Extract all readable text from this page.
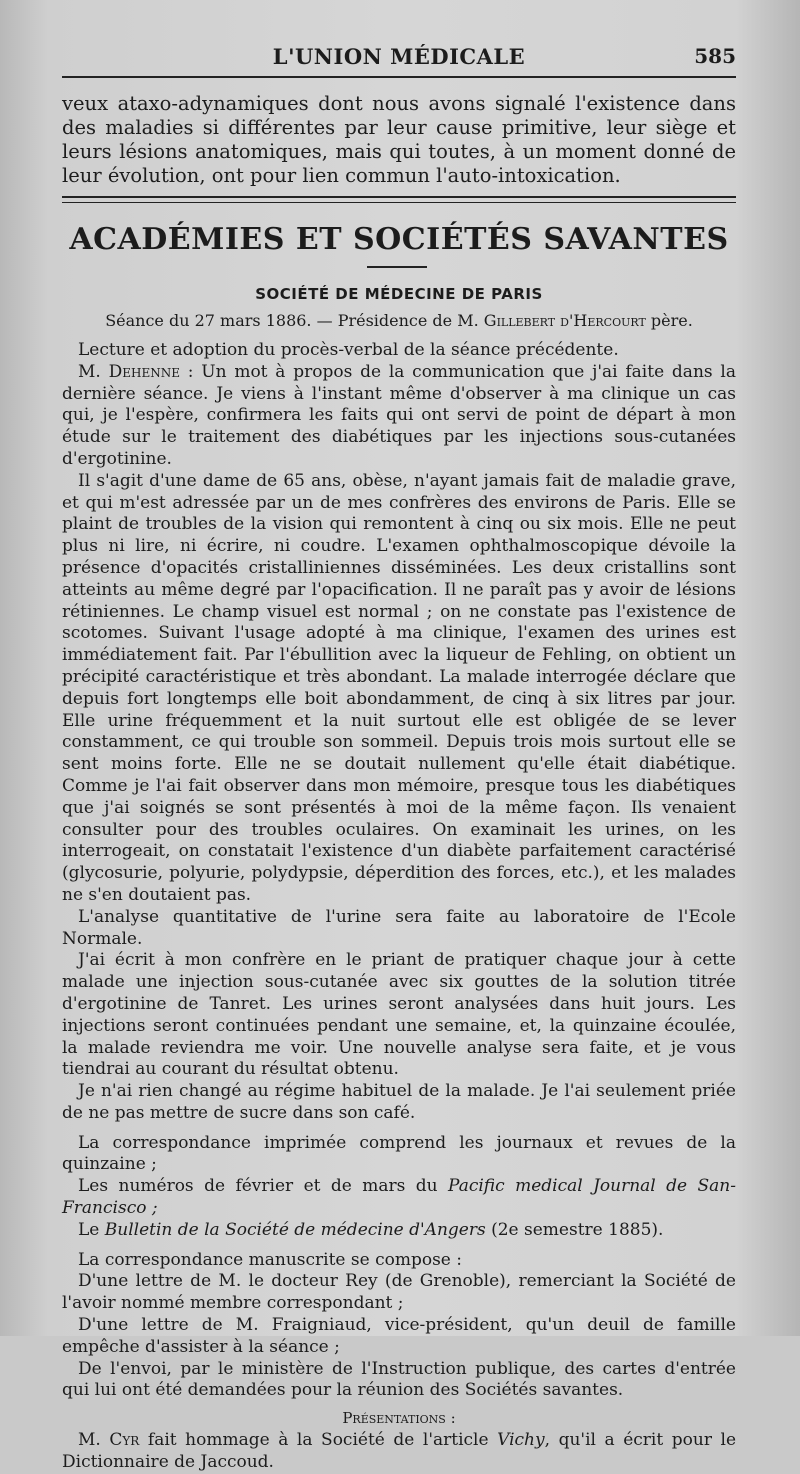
L'UNION MÉDICALE	585
veux ataxo-adynamiques dont nous avons signalé l'existence dans des maladies si différentes par leur cause primitive, leur siège et leurs lésions anatomiques, mais qui toutes, à un moment donné de leur évolution, ont pour lien commun l'auto-intoxication.
ACADÉMIES ET SOCIÉTÉS SAVANTES
SOCIÉTÉ DE MÉDECINE DE PARIS
Séance du 27 mars 1886. — Présidence de M. Gillebert d'Hercourt père.

Lecture et adoption du procès-verbal de la séance précédente.

M. Dehenne : Un mot à propos de la communication que j'ai faite dans la dernière séance. Je viens à l'instant même d'observer à ma clinique un cas qui, je l'espère, confirmera les faits qui ont servi de point de départ à mon étude sur le traitement des diabétiques par les injections sous-cutanées d'ergotinine.

Il s'agit d'une dame de 65 ans, obèse, n'ayant jamais fait de maladie grave, et qui m'est adressée par un de mes confrères des environs de Paris. Elle se plaint de troubles de la vision qui remontent à cinq ou six mois. Elle ne peut plus ni lire, ni écrire, ni coudre. L'examen ophthalmoscopique dévoile la présence d'opacités cristalliniennes disséminées. Les deux cristallins sont atteints au même degré par l'opacification. Il ne paraît pas y avoir de lésions rétiniennes. Le champ visuel est normal ; on ne constate pas l'existence de scotomes. Suivant l'usage adopté à ma clinique, l'examen des urines est immédiatement fait. Par l'ébullition avec la liqueur de Fehling, on obtient un précipité caractéristique et très abondant. La malade interrogée déclare que depuis fort longtemps elle boit abondamment, de cinq à six litres par jour. Elle urine fréquemment et la nuit surtout elle est obligée de se lever constamment, ce qui trouble son sommeil. Depuis trois mois surtout elle se sent moins forte. Elle ne se doutait nullement qu'elle était diabétique. Comme je l'ai fait observer dans mon mémoire, presque tous les diabétiques que j'ai soignés se sont présentés à moi de la même façon. Ils venaient consulter pour des troubles oculaires. On examinait les urines, on les interrogeait, on constatait l'existence d'un diabète parfaitement caractérisé (glycosurie, polyurie, polydypsie, déperdition des forces, etc.), et les malades ne s'en doutaient pas.

L'analyse quantitative de l'urine sera faite au laboratoire de l'Ecole Normale.

J'ai écrit à mon confrère en le priant de pratiquer chaque jour à cette malade une injection sous-cutanée avec six gouttes de la solution titrée d'ergotinine de Tanret. Les urines seront analysées dans huit jours. Les injections seront continuées pendant une semaine, et, la quinzaine écoulée, la malade reviendra me voir. Une nouvelle analyse sera faite, et je vous tiendrai au courant du résultat obtenu.

Je n'ai rien changé au régime habituel de la malade. Je l'ai seulement priée de ne pas mettre de sucre dans son café.

La correspondance imprimée comprend les journaux et revues de la quinzaine ;

Les numéros de février et de mars du Pacific medical Journal de San-Francisco ;

Le Bulletin de la Société de médecine d'Angers (2e semestre 1885).

La correspondance manuscrite se compose :

D'une lettre de M. le docteur Rey (de Grenoble), remerciant la Société de l'avoir nommé membre correspondant ;

D'une lettre de M. Fraigniaud, vice-président, qu'un deuil de famille empêche d'assister à la séance ;

De l'envoi, par le ministère de l'Instruction publique, des cartes d'entrée qui lui ont été demandées pour la réunion des Sociétés savantes.

Présentations :

M. Cyr fait hommage à la Société de l'article Vichy, qu'il a écrit pour le Dictionnaire de Jaccoud.
